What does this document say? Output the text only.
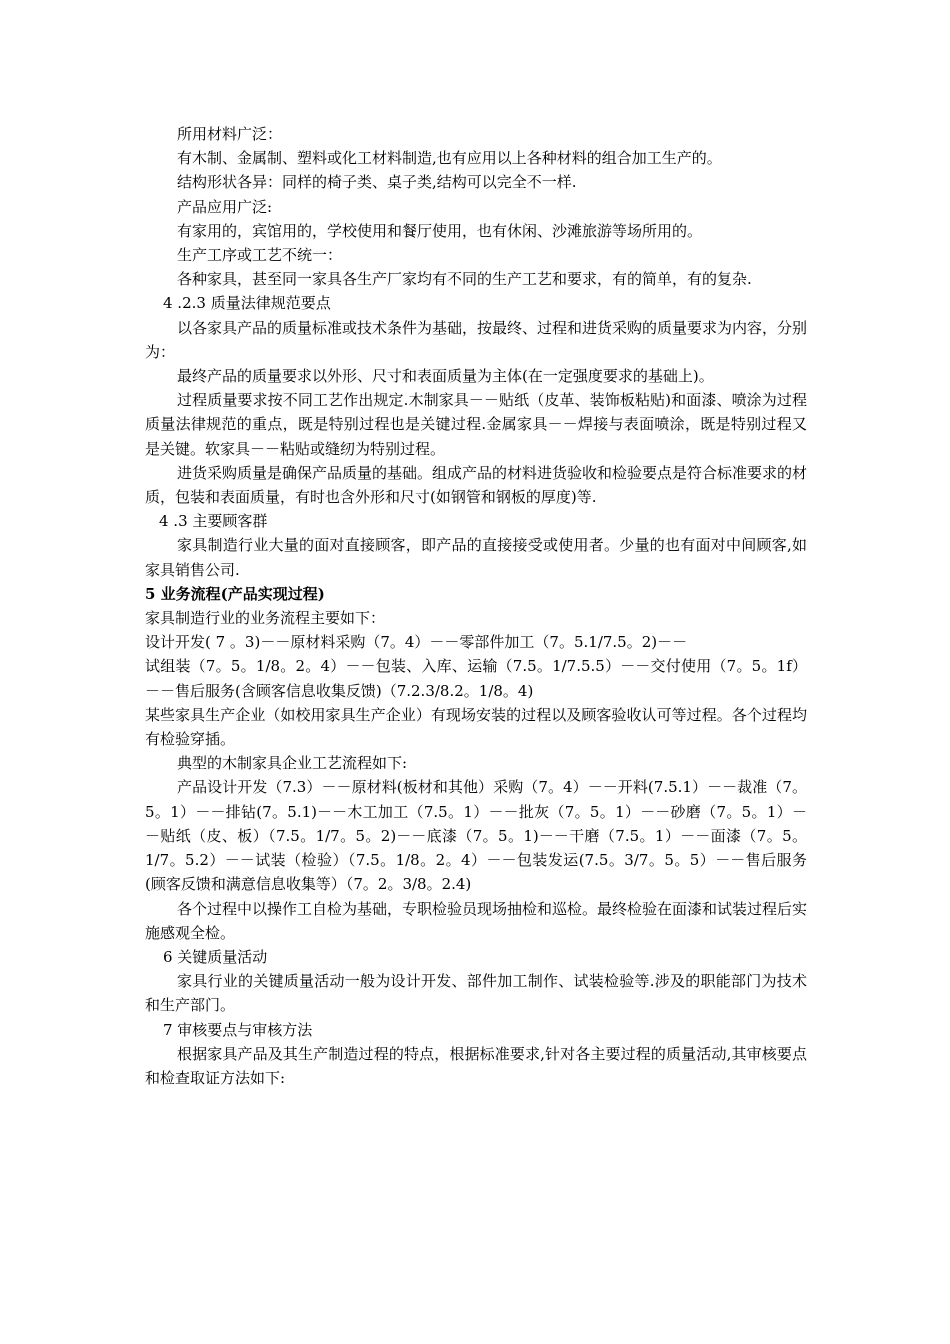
所用材料广泛：

有木制、金属制、塑料或化工材料制造,也有应用以上各种材料的组合加工生产的。

结构形状各异：同样的椅子类、桌子类,结构可以完全不一样.

产品应用广泛:

有家用的，宾馆用的，学校使用和餐厅使用，也有休闲、沙滩旅游等场所用的。

生产工序或工艺不统一：

各种家具，甚至同一家具各生产厂家均有不同的生产工艺和要求，有的简单，有的复杂.

4 .2.3 质量法律规范要点

以各家具产品的质量标准或技术条件为基础，按最终、过程和进货采购的质量要求为内容，分别为：

最终产品的质量要求以外形、尺寸和表面质量为主体(在一定强度要求的基础上)。

过程质量要求按不同工艺作出规定.木制家具－－贴纸（皮革、装饰板粘贴)和面漆、喷涂为过程质量法律规范的重点，既是特别过程也是关键过程.金属家具－－焊接与表面喷涂，既是特别过程又是关键。软家具－－粘贴或缝纫为特别过程。

进货采购质量是确保产品质量的基础。组成产品的材料进货验收和检验要点是符合标准要求的材质，包装和表面质量，有时也含外形和尺寸(如钢管和钢板的厚度)等.

4 .3 主要顾客群

家具制造行业大量的面对直接顾客，即产品的直接接受或使用者。少量的也有面对中间顾客,如家具销售公司.

5 业务流程(产品实现过程)

家具制造行业的业务流程主要如下：

设计开发( 7 。3)－－原材料采购（7。4）－－零部件加工（7。5.1/7.5。2)－－

试组装（7。5。1/8。2。4）－－包装、入库、运输（7.5。1/7.5.5）－－交付使用（7。5。1f）－－售后服务(含顾客信息收集反馈)（7.2.3/8.2。1/8。4)

某些家具生产企业（如校用家具生产企业）有现场安装的过程以及顾客验收认可等过程。各个过程均有检验穿插。

典型的木制家具企业工艺流程如下:

产品设计开发（7.3）－－原材料(板材和其他）采购（7。4）－－开料(7.5.1）－－裁准（7。5。1）－－排钻(7。5.1)－－木工加工（7.5。1）－－批灰（7。5。1）－－砂磨（7。5。1）－－贴纸（皮、板）（7.5。1/7。5。2)－－底漆（7。5。1)－－干磨（7.5。1）－－面漆（7。5。1/7。5.2）－－试装（检验）（7.5。1/8。2。4）－－包装发运(7.5。3/7。5。5）－－售后服务(顾客反馈和满意信息收集等）（7。2。3/8。2.4)

各个过程中以操作工自检为基础，专职检验员现场抽检和巡检。最终检验在面漆和试装过程后实施感观全检。

6 关键质量活动

家具行业的关键质量活动一般为设计开发、部件加工制作、试装检验等.涉及的职能部门为技术和生产部门。

7 审核要点与审核方法

根据家具产品及其生产制造过程的特点，根据标准要求,针对各主要过程的质量活动,其审核要点和检查取证方法如下:
